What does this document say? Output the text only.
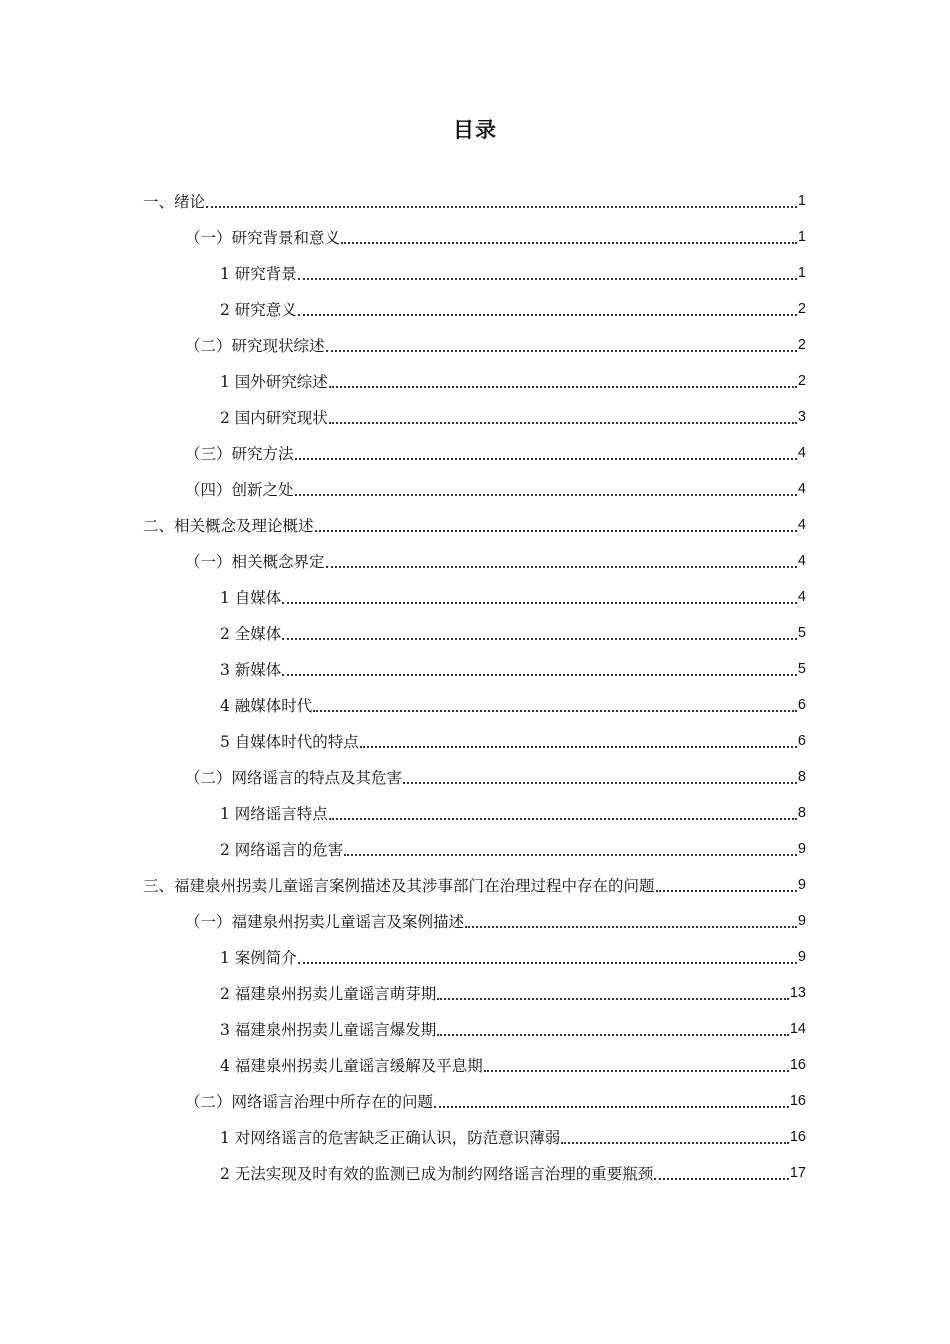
目录
一、绪论	1
（一）研究背景和意义	1
1 研究背景	1
2 研究意义	2
（二）研究现状综述	2
1 国外研究综述	2
2 国内研究现状	3
（三）研究方法	4
（四）创新之处	4
二、相关概念及理论概述	4
（一）相关概念界定	4
1 自媒体	4
2 全媒体	5
3 新媒体	5
4 融媒体时代	6
5 自媒体时代的特点	6
（二）网络谣言的特点及其危害	8
1 网络谣言特点	8
2 网络谣言的危害	9
三、福建泉州拐卖儿童谣言案例描述及其涉事部门在治理过程中存在的问题	9
（一）福建泉州拐卖儿童谣言及案例描述	9
1 案例简介	9
2 福建泉州拐卖儿童谣言萌芽期	13
3 福建泉州拐卖儿童谣言爆发期	14
4 福建泉州拐卖儿童谣言缓解及平息期	16
（二）网络谣言治理中所存在的问题	16
1 对网络谣言的危害缺乏正确认识，防范意识薄弱	16
2 无法实现及时有效的监测已成为制约网络谣言治理的重要瓶颈	17
